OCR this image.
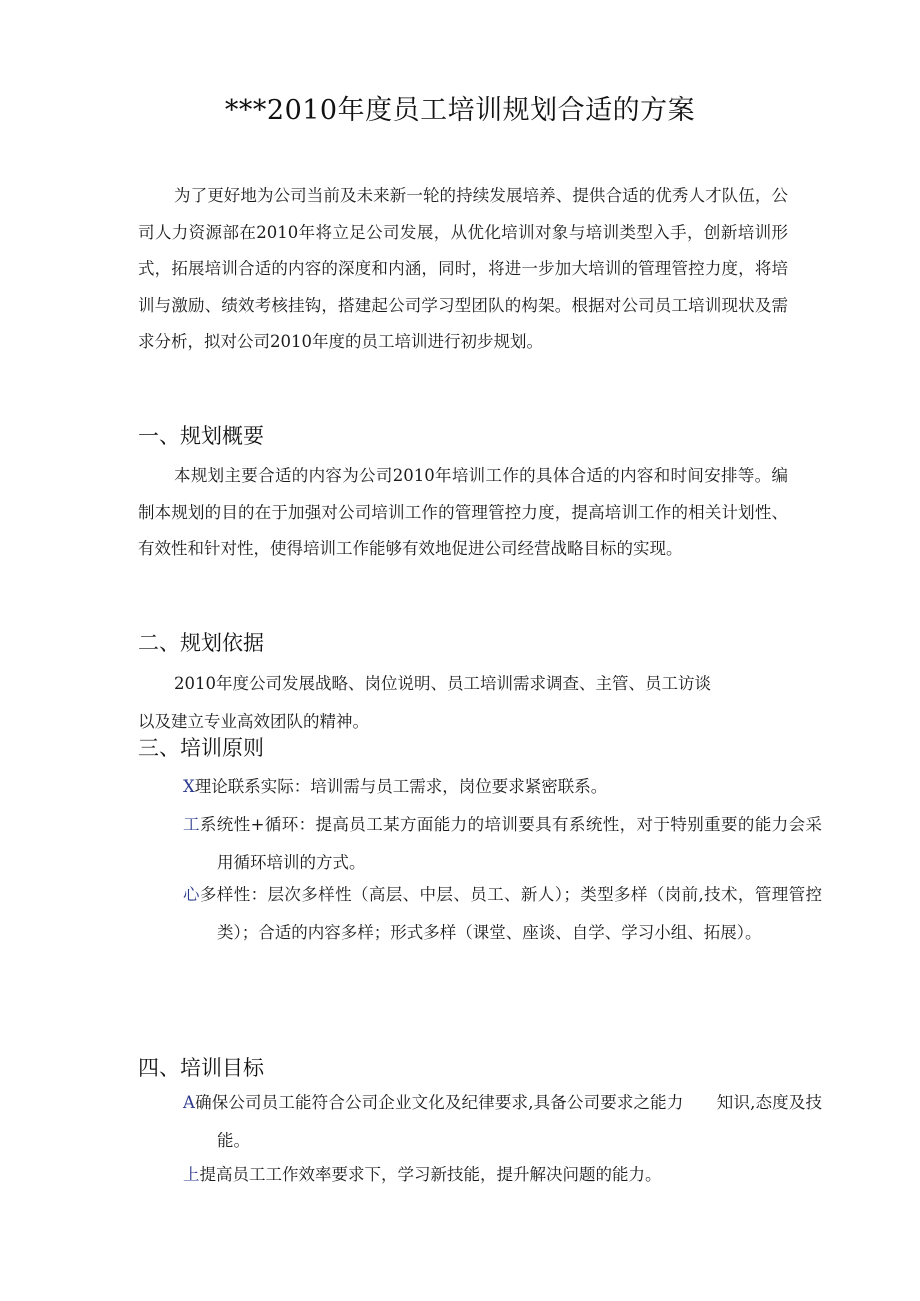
***2010年度员工培训规划合适的方案

为了更好地为公司当前及未来新一轮的持续发展培养、提供合适的优秀人才队伍，公司人力资源部在2010年将立足公司发展，从优化培训对象与培训类型入手，创新培训形式，拓展培训合适的内容的深度和内涵，同时，将进一步加大培训的管理管控力度，将培训与激励、绩效考核挂钩，搭建起公司学习型团队的构架。根据对公司员工培训现状及需求分析，拟对公司2010年度的员工培训进行初步规划。

一、规划概要

本规划主要合适的内容为公司2010年培训工作的具体合适的内容和时间安排等。编制本规划的目的在于加强对公司培训工作的管理管控力度，提高培训工作的相关计划性、有效性和针对性，使得培训工作能够有效地促进公司经营战略目标的实现。

二、规划依据

2010年度公司发展战略、岗位说明、员工培训需求调查、主管、员工访谈

以及建立专业高效团队的精神。

三、培训原则

X理论联系实际：培训需与员工需求，岗位要求紧密联系。

工系统性+循环：提高员工某方面能力的培训要具有系统性，对于特别重要的能力会采用循环培训的方式。

心多样性：层次多样性（高层、中层、员工、新人）；类型多样（岗前,技术，管理管控类）；合适的内容多样；形式多样（课堂、座谈、自学、学习小组、拓展）。

四、培训目标

A确保公司员工能符合公司企业文化及纪律要求,具备公司要求之能力　　知识,态度及技能。

上提高员工工作效率要求下，学习新技能，提升解决问题的能力。
